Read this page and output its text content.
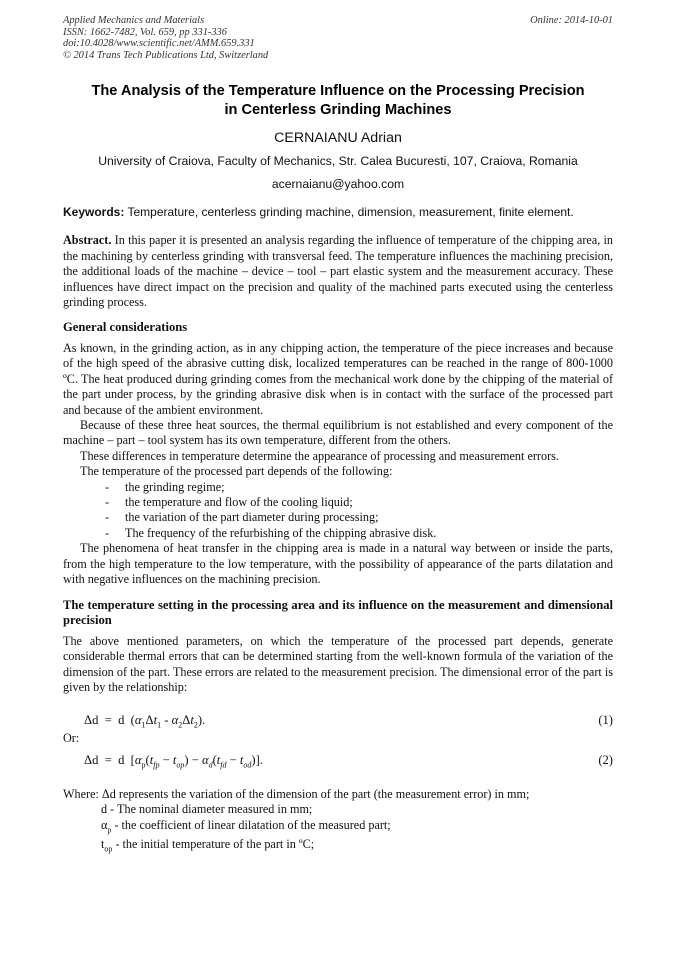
Applied Mechanics and Materials
ISSN: 1662-7482, Vol. 659, pp 331-336
doi:10.4028/www.scientific.net/AMM.659.331
© 2014 Trans Tech Publications Ltd, Switzerland
Online: 2014-10-01
The Analysis of the Temperature Influence on the Processing Precision
in Centerless Grinding Machines
CERNAIANU Adrian
University of Craiova, Faculty of Mechanics, Str. Calea Bucuresti, 107, Craiova, Romania
acernaianu@yahoo.com
Keywords: Temperature, centerless grinding machine, dimension, measurement, finite element.

Abstract. In this paper it is presented an analysis regarding the influence of temperature of the chipping area, in the machining by centerless grinding with transversal feed. The temperature influences the machining precision, the additional loads of the machine – device – tool – part elastic system and the measurement accuracy. These influences have direct impact on the precision and quality of the machined parts executed using the centerless grinding process.

General considerations

As known, in the grinding action, as in any chipping action, the temperature of the piece increases and because of the high speed of the abrasive cutting disk, localized temperatures can be reached in the range of 800-1000 ºC. The heat produced during grinding comes from the mechanical work done by the chipping of the material of the part under process, by the grinding abrasive disk when is in contact with the surface of the processed part and because of the ambient environment.

Because of these three heat sources, the thermal equilibrium is not established and every component of the machine – part – tool system has its own temperature, different from the others.

These differences in temperature determine the appearance of processing and measurement errors.

The temperature of the processed part depends of the following:

- the grinding regime;
- the temperature and flow of the cooling liquid;
- the variation of the part diameter during processing;
- The frequency of the refurbishing of the chipping abrasive disk.

The phenomena of heat transfer in the chipping area is made in a natural way between or inside the parts, from the high temperature to the low temperature, with the possibility of appearance of the parts dilatation and with negative influences on the machining precision.

The temperature setting in the processing area and its influence on the measurement and dimensional precision

The above mentioned parameters, on which the temperature of the processed part depends, generate considerable thermal errors that can be determined starting from the well-known formula of the variation of the dimension of the part. These errors are related to the measurement precision. The dimensional error of the part is given by the relationship:

Δd  =  d  $(\alpha_1\Delta t_1 - \alpha_2\Delta t_2)$.	(1)

Or:

Δd  =  d  $[\alpha_p(t_{fp} - t_{op}) - \alpha_d(t_{fd} - t_{od})]$.	(2)

Where: Δd represents the variation of the dimension of the part (the measurement error) in mm;

d - The nominal diameter measured in mm;

$\alpha_p$ - the coefficient of linear dilatation of the measured part;

$t_{op}$ - the initial temperature of the part in ºC;
